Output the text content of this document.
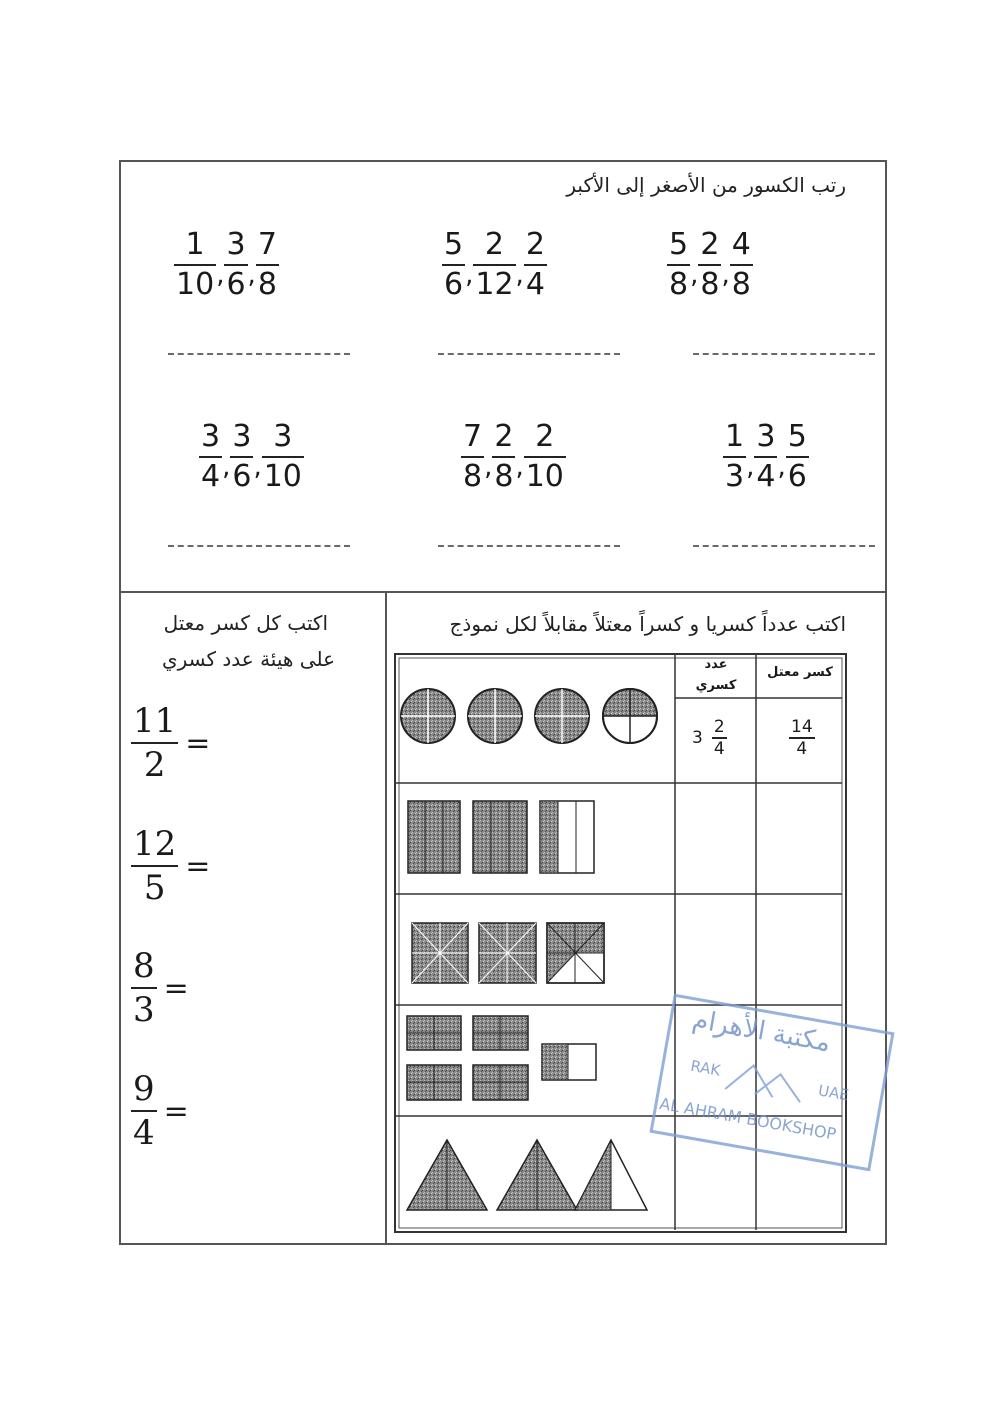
رتب الكسور من الأصغر إلى الأكبر
$\frac{1}{10}$ , $\frac{3}{6}$ , $\frac{7}{8}$	$\frac{5}{6}$ , $\frac{2}{12}$ , $\frac{2}{4}$	$\frac{5}{8}$ , $\frac{2}{8}$ , $\frac{4}{8}$
$\frac{3}{4}$ , $\frac{3}{6}$ , $\frac{3}{10}$	$\frac{7}{8}$ , $\frac{2}{8}$ , $\frac{2}{10}$	$\frac{1}{3}$ , $\frac{3}{4}$ , $\frac{5}{6}$
اكتب كل كسر معتل
على هيئة عدد كسري
$\frac{11}{2}$ =
$\frac{12}{5}$ =
$\frac{8}{3}$ =
$\frac{9}{4}$ =
اكتب عدداً كسريا و كسراً معتلاً مقابلاً لكل نموذج
عدد
كسري
كسر معتل
$3 \frac{2}{4}$	$\frac{14}{4}$
مكتبة الأهرام
RAK
UAE
AL AHRAM BOOKSHOP
